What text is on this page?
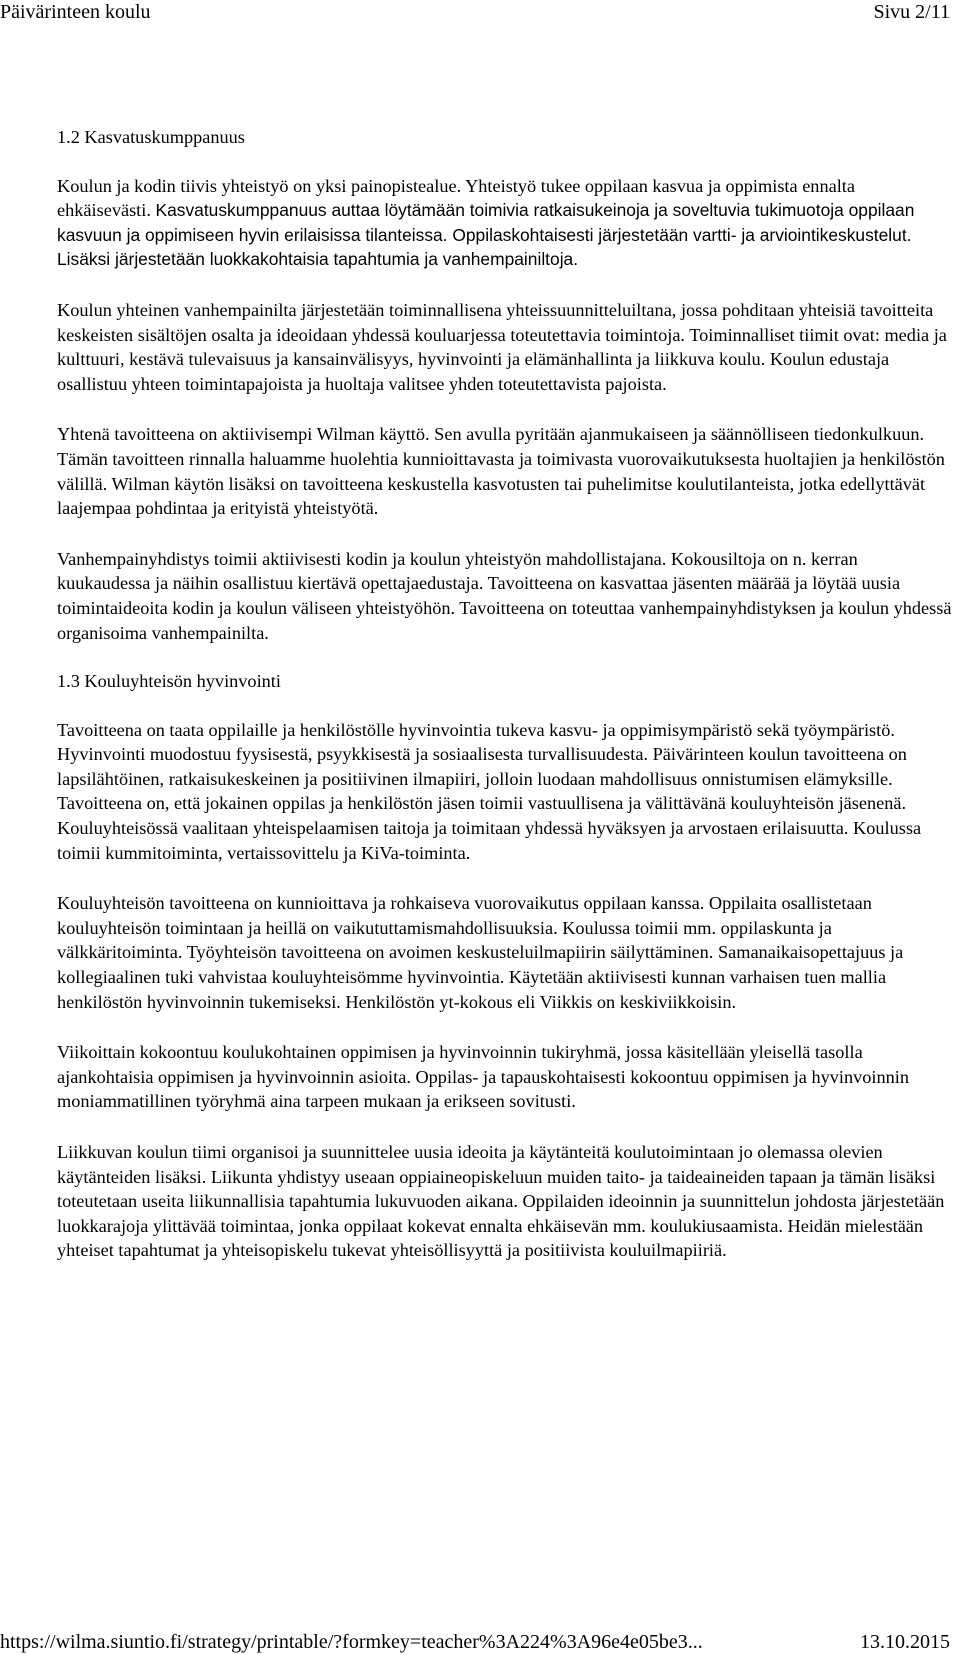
Päivärinteen koulu	Sivu 2/11
1.2 Kasvatuskumppanuus
Koulun ja kodin tiivis yhteistyö on yksi painopistealue. Yhteistyö tukee oppilaan kasvua ja oppimista ennalta ehkäisevästi. Kasvatuskumppanuus auttaa löytämään toimivia ratkaisukeinoja ja soveltuvia tukimuotoja oppilaan kasvuun ja oppimiseen hyvin erilaisissa tilanteissa. Oppilaskohtaisesti järjestetään vartti- ja arviointikeskustelut. Lisäksi järjestetään luokkakohtaisia tapahtumia ja vanhempainiltoja.
Koulun yhteinen vanhempainilta järjestetään toiminnallisena yhteissuunnitteluiltana, jossa pohditaan yhteisiä tavoitteita keskeisten sisältöjen osalta ja ideoidaan yhdessä kouluarjessa toteutettavia toimintoja. Toiminnalliset tiimit ovat: media ja kulttuuri, kestävä tulevaisuus ja kansainvälisyys, hyvinvointi ja elämänhallinta ja liikkuva koulu. Koulun edustaja osallistuu yhteen toimintapajoista ja huoltaja valitsee yhden toteutettavista pajoista.
Yhtenä tavoitteena on aktiivisempi Wilman käyttö. Sen avulla pyritään ajanmukaiseen ja säännölliseen tiedonkulkuun. Tämän tavoitteen rinnalla haluamme huolehtia kunnioittavasta ja toimivasta vuorovaikutuksesta huoltajien ja henkilöstön välillä. Wilman käytön lisäksi on tavoitteena keskustella kasvotusten tai puhelimitse koulutilanteista, jotka edellyttävät laajempaa pohdintaa ja erityistä yhteistyötä.
Vanhempainyhdistys toimii aktiivisesti kodin ja koulun yhteistyön mahdollistajana. Kokousiltoja on n. kerran kuukaudessa ja näihin osallistuu kiertävä opettajaedustaja. Tavoitteena on kasvattaa jäsenten määrää ja löytää uusia toimintaideoita kodin ja koulun väliseen yhteistyöhön. Tavoitteena on toteuttaa vanhempainyhdistyksen ja koulun yhdessä organisoima vanhempainilta.
1.3 Kouluyhteisön hyvinvointi
Tavoitteena on taata oppilaille ja henkilöstölle hyvinvointia tukeva kasvu- ja oppimisympäristö sekä työympäristö. Hyvinvointi muodostuu fyysisestä, psyykkisestä ja sosiaalisesta turvallisuudesta. Päivärinteen koulun tavoitteena on lapsilähtöinen, ratkaisukeskeinen ja positiivinen ilmapiiri, jolloin luodaan mahdollisuus onnistumisen elämyksille. Tavoitteena on, että jokainen oppilas ja henkilöstön jäsen toimii vastuullisena ja välittävänä kouluyhteisön jäsenenä. Kouluyhteisössä vaalitaan yhteispelaamisen taitoja ja toimitaan yhdessä hyväksyen ja arvostaen erilaisuutta. Koulussa toimii kummitoiminta, vertaissovittelu ja KiVa-toiminta.
Kouluyhteisön tavoitteena on kunnioittava ja rohkaiseva vuorovaikutus oppilaan kanssa. Oppilaita osallistetaan kouluyhteisön toimintaan ja heillä on vaikututtamismahdollisuuksia. Koulussa toimii mm. oppilaskunta ja välkkäritoiminta. Työyhteisön tavoitteena on avoimen keskusteluilmapiirin säilyttäminen. Samanaikaisopettajuus ja kollegiaalinen tuki vahvistaa kouluyhteisömme hyvinvointia. Käytetään aktiivisesti kunnan varhaisen tuen mallia henkilöstön hyvinvoinnin tukemiseksi. Henkilöstön yt-kokous eli Viikkis on keskiviikkoisin.
Viikoittain kokoontuu koulukohtainen oppimisen ja hyvinvoinnin tukiryhmä, jossa käsitellään yleisellä tasolla ajankohtaisia oppimisen ja hyvinvoinnin asioita. Oppilas- ja tapauskohtaisesti kokoontuu oppimisen ja hyvinvoinnin moniammatillinen työryhmä aina tarpeen mukaan ja erikseen sovitusti.
Liikkuvan koulun tiimi organisoi ja suunnittelee uusia ideoita ja käytänteitä koulutoimintaan jo olemassa olevien käytänteiden lisäksi. Liikunta yhdistyy useaan oppiaineopiskeluun muiden taito- ja taideaineiden tapaan ja tämän lisäksi toteutetaan useita liikunnallisia tapahtumia lukuvuoden aikana. Oppilaiden ideoinnin ja suunnittelun johdosta järjestetään luokkarajoja ylittävää toimintaa, jonka oppilaat kokevat ennalta ehkäisevän mm. koulukiusaamista. Heidän mielestään yhteiset tapahtumat ja yhteisopiskelu tukevat yhteisöllisyyttä ja positiivista kouluilmapiiriä.
https://wilma.siuntio.fi/strategy/printable/?formkey=teacher%3A224%3A96e4e05be3...	13.10.2015
